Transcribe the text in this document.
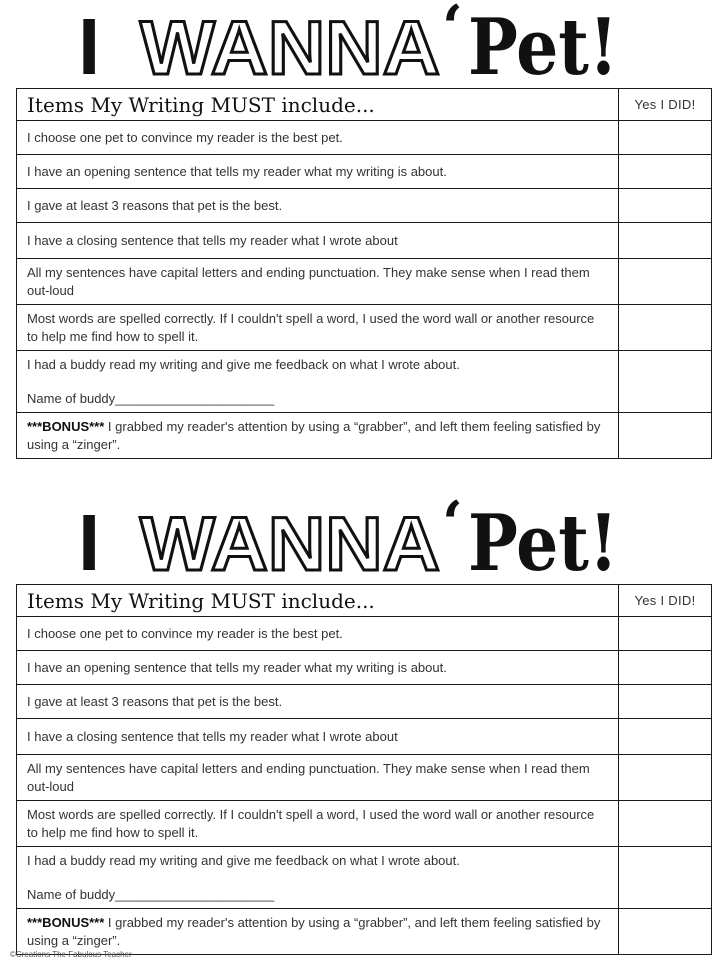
I WANNA ‘ Pet!
Items My Writing MUST include...	Yes I DID!
I choose one pet to convince my reader is the best pet.	
I have an opening sentence that tells my reader what my writing is about.	
I gave at least 3 reasons that pet is the best.	
I have a closing sentence that tells my reader what I wrote about	
All my sentences have capital letters and ending punctuation. They make sense when I read them out-loud	
Most words are spelled correctly. If I couldn't spell a word, I used the word wall or another resource to help me find how to spell it.	
I had a buddy read my writing and give me feedback on what I wrote about.
Name of buddy______________________	

***BONUS*** I grabbed my reader's attention by using a “grabber”, and left them feeling satisfied by using a “zinger”.	
I WANNA ‘ Pet!
Items My Writing MUST include...	Yes I DID!
I choose one pet to convince my reader is the best pet.	
I have an opening sentence that tells my reader what my writing is about.	
I gave at least 3 reasons that pet is the best.	
I have a closing sentence that tells my reader what I wrote about	
All my sentences have capital letters and ending punctuation. They make sense when I read them out-loud	
Most words are spelled correctly. If I couldn't spell a word, I used the word wall or another resource to help me find how to spell it.	
I had a buddy read my writing and give me feedback on what I wrote about.
Name of buddy______________________	

***BONUS*** I grabbed my reader's attention by using a “grabber”, and left them feeling satisfied by using a “zinger”.	
©Creations The Fabulous Teacher
